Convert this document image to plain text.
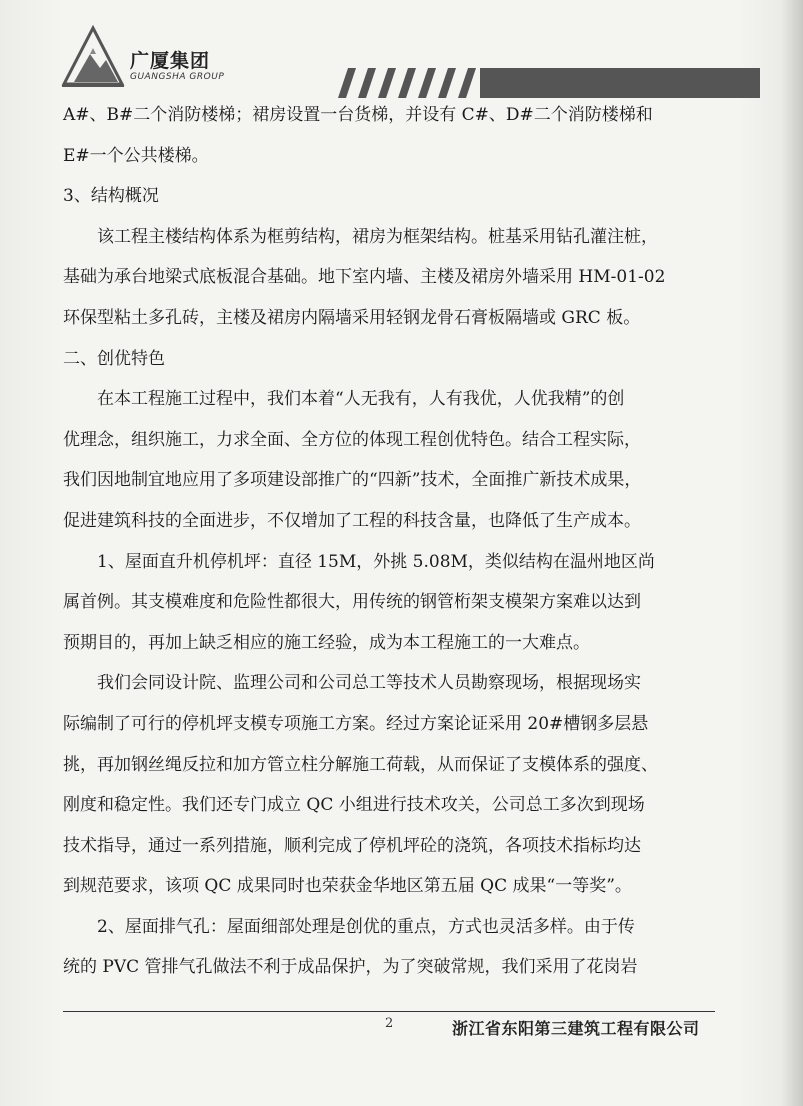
广厦集团
GUANGSHA GROUP

A#、B#二个消防楼梯；裙房设置一台货梯，并设有 C#、D#二个消防楼梯和

E#一个公共楼梯。

3、结构概况

该工程主楼结构体系为框剪结构，裙房为框架结构。桩基采用钻孔灌注桩，

基础为承台地梁式底板混合基础。地下室内墙、主楼及裙房外墙采用 HM-01-02

环保型粘土多孔砖，主楼及裙房内隔墙采用轻钢龙骨石膏板隔墙或 GRC 板。

二、创优特色

在本工程施工过程中，我们本着“人无我有，人有我优，人优我精”的创

优理念，组织施工，力求全面、全方位的体现工程创优特色。结合工程实际，

我们因地制宜地应用了多项建设部推广的“四新”技术，全面推广新技术成果，

促进建筑科技的全面进步，不仅增加了工程的科技含量，也降低了生产成本。

1、屋面直升机停机坪：直径 15M，外挑 5.08M，类似结构在温州地区尚

属首例。其支模难度和危险性都很大，用传统的钢管桁架支模架方案难以达到

预期目的，再加上缺乏相应的施工经验，成为本工程施工的一大难点。

我们会同设计院、监理公司和公司总工等技术人员勘察现场，根据现场实

际编制了可行的停机坪支模专项施工方案。经过方案论证采用 20#槽钢多层悬

挑，再加钢丝绳反拉和加方管立柱分解施工荷载，从而保证了支模体系的强度、

刚度和稳定性。我们还专门成立 QC 小组进行技术攻关，公司总工多次到现场

技术指导，通过一系列措施，顺利完成了停机坪砼的浇筑，各项技术指标均达

到规范要求，该项 QC 成果同时也荣获金华地区第五届 QC 成果“一等奖”。

2、屋面排气孔：屋面细部处理是创优的重点，方式也灵活多样。由于传

统的 PVC 管排气孔做法不利于成品保护，为了突破常规，我们采用了花岗岩

2	浙江省东阳第三建筑工程有限公司
